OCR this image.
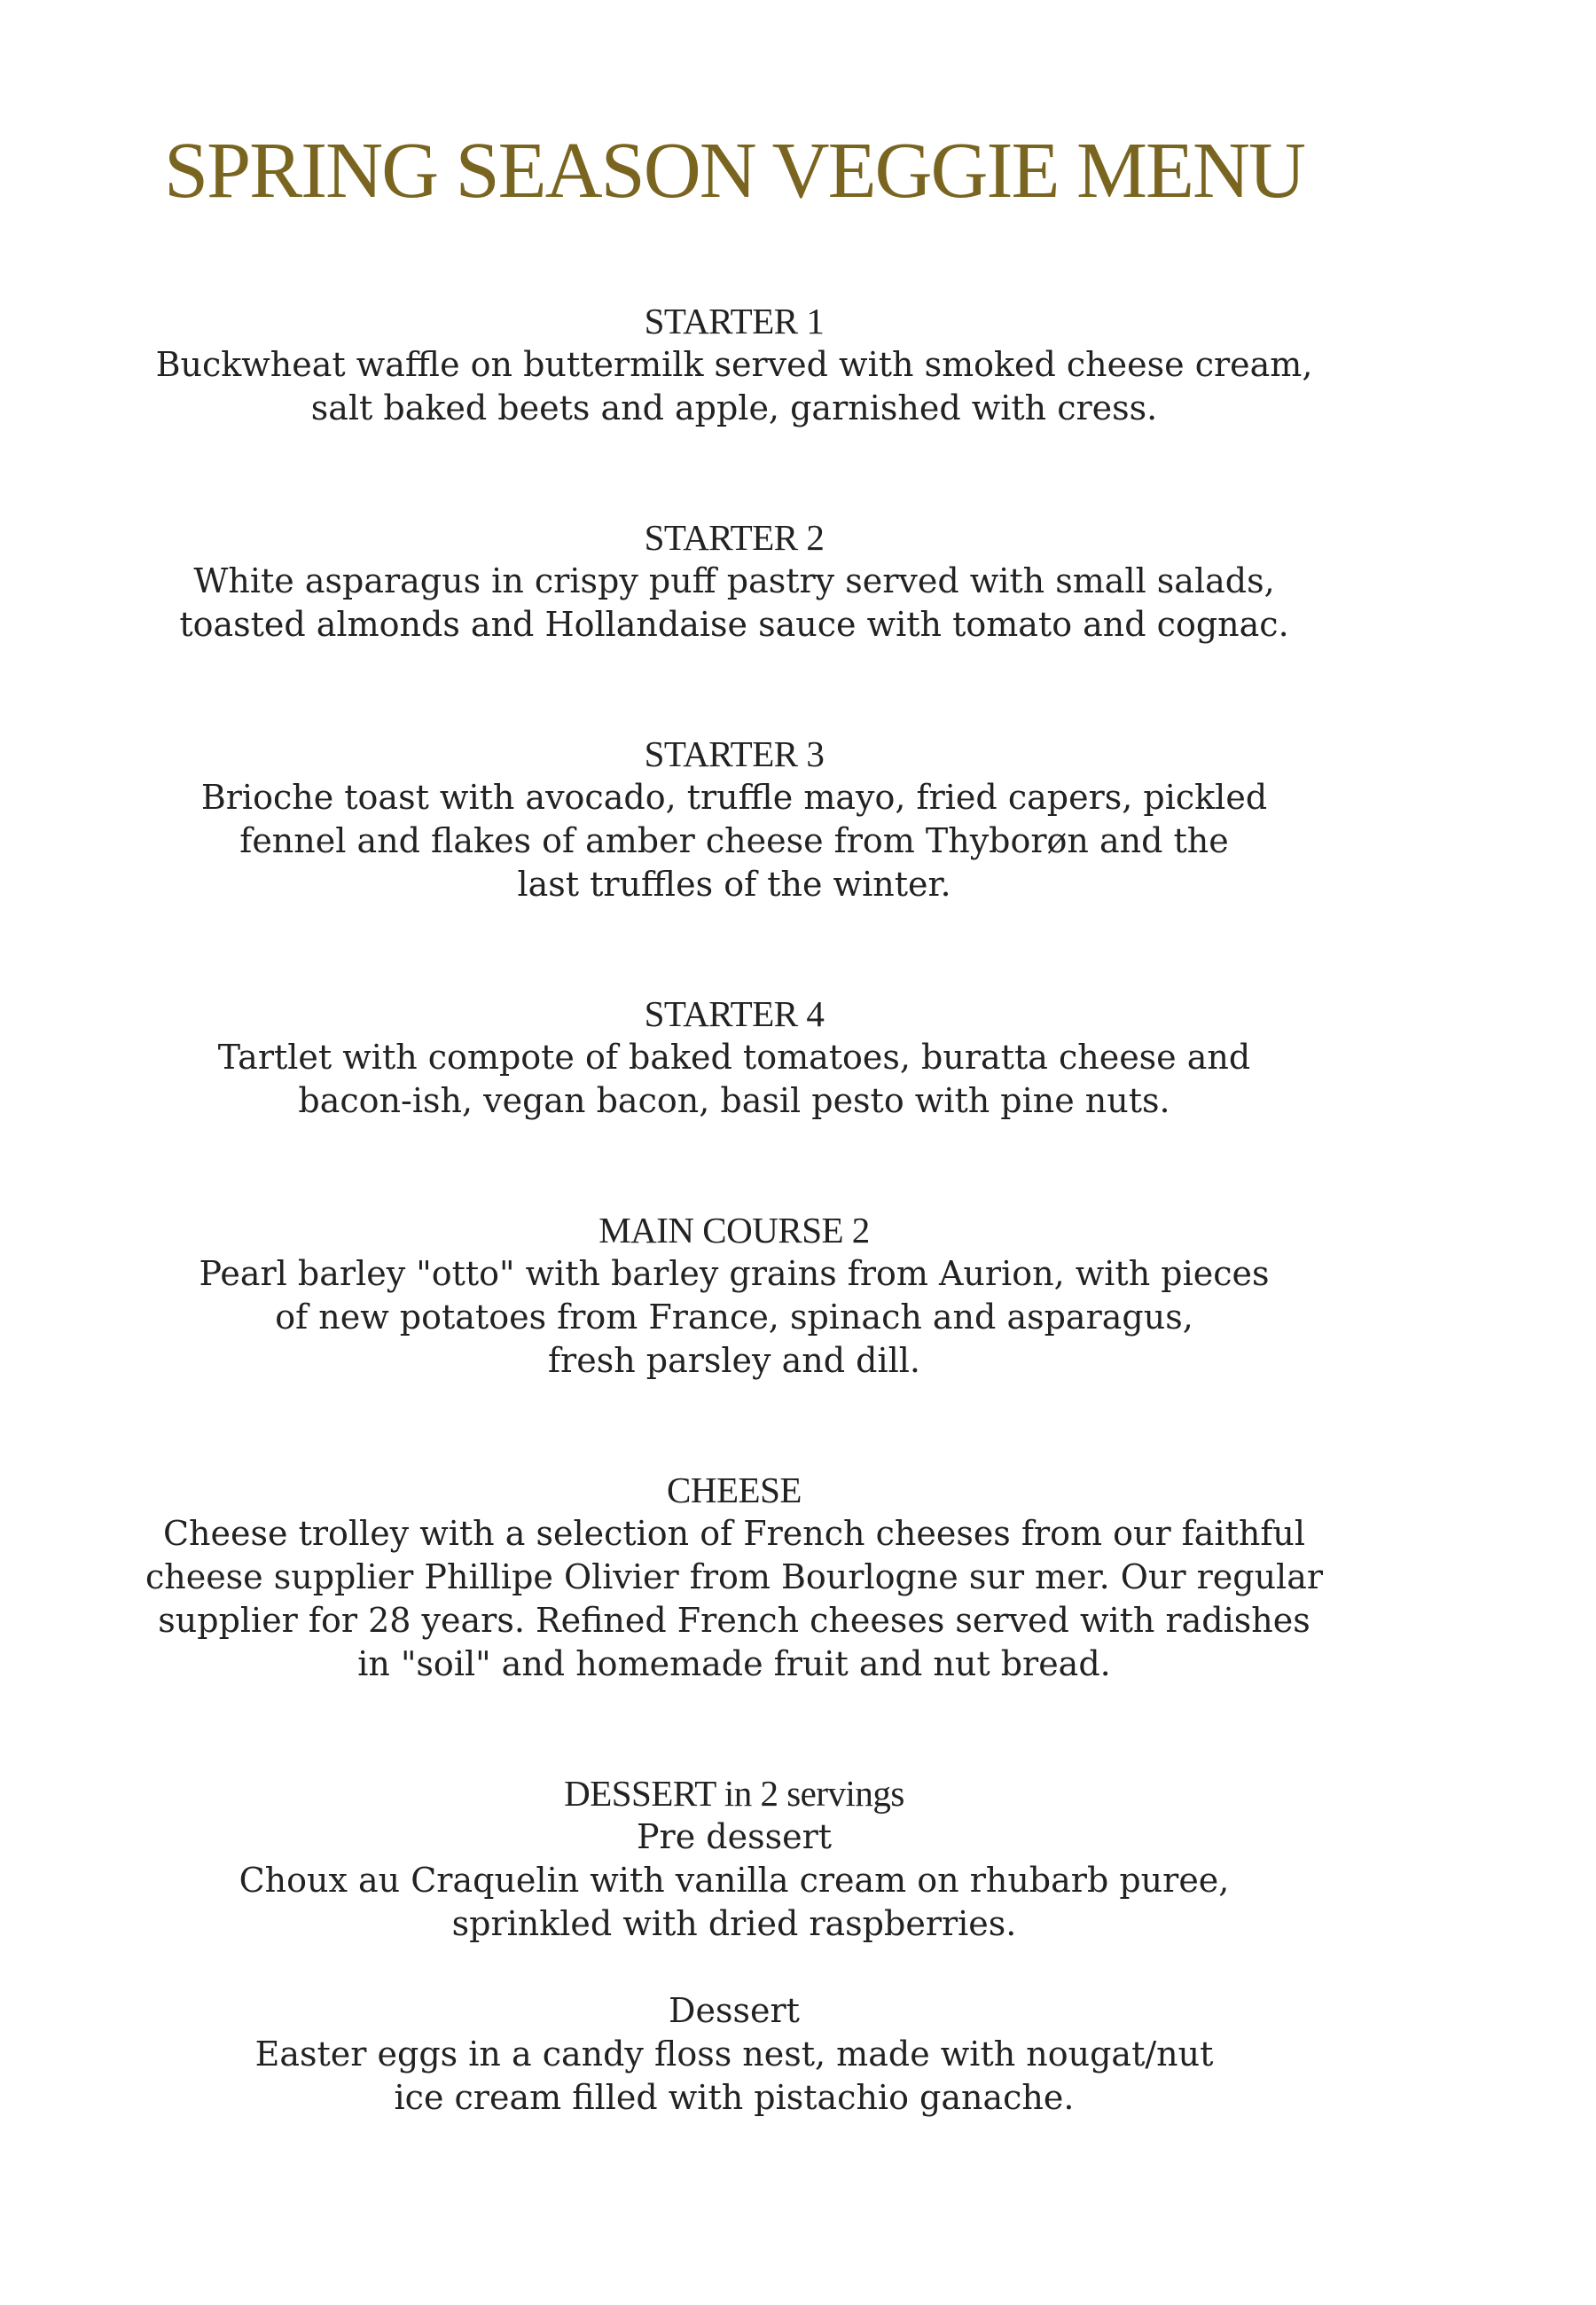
SPRING SEASON VEGGIE MENU
STARTER 1
Buckwheat waffle on buttermilk served with smoked cheese cream,
salt baked beets and apple, garnished with cress.
STARTER 2
White asparagus in crispy puff pastry served with small salads,
toasted almonds and Hollandaise sauce with tomato and cognac.
STARTER 3
Brioche toast with avocado, truffle mayo, fried capers, pickled
fennel and flakes of amber cheese from Thyborøn and the
last truffles of the winter.
STARTER 4
Tartlet with compote of baked tomatoes, buratta cheese and
bacon-ish, vegan bacon, basil pesto with pine nuts.
MAIN COURSE 2
Pearl barley "otto" with barley grains from Aurion, with pieces
of new potatoes from France, spinach and asparagus,
fresh parsley and dill.
CHEESE
Cheese trolley with a selection of French cheeses from our faithful
cheese supplier Phillipe Olivier from Bourlogne sur mer. Our regular
supplier for 28 years. Refined French cheeses served with radishes
in "soil" and homemade fruit and nut bread.
DESSERT in 2 servings
Pre dessert
Choux au Craquelin with vanilla cream on rhubarb puree,
sprinkled with dried raspberries.
Dessert
Easter eggs in a candy floss nest, made with nougat/nut
ice cream filled with pistachio ganache.
